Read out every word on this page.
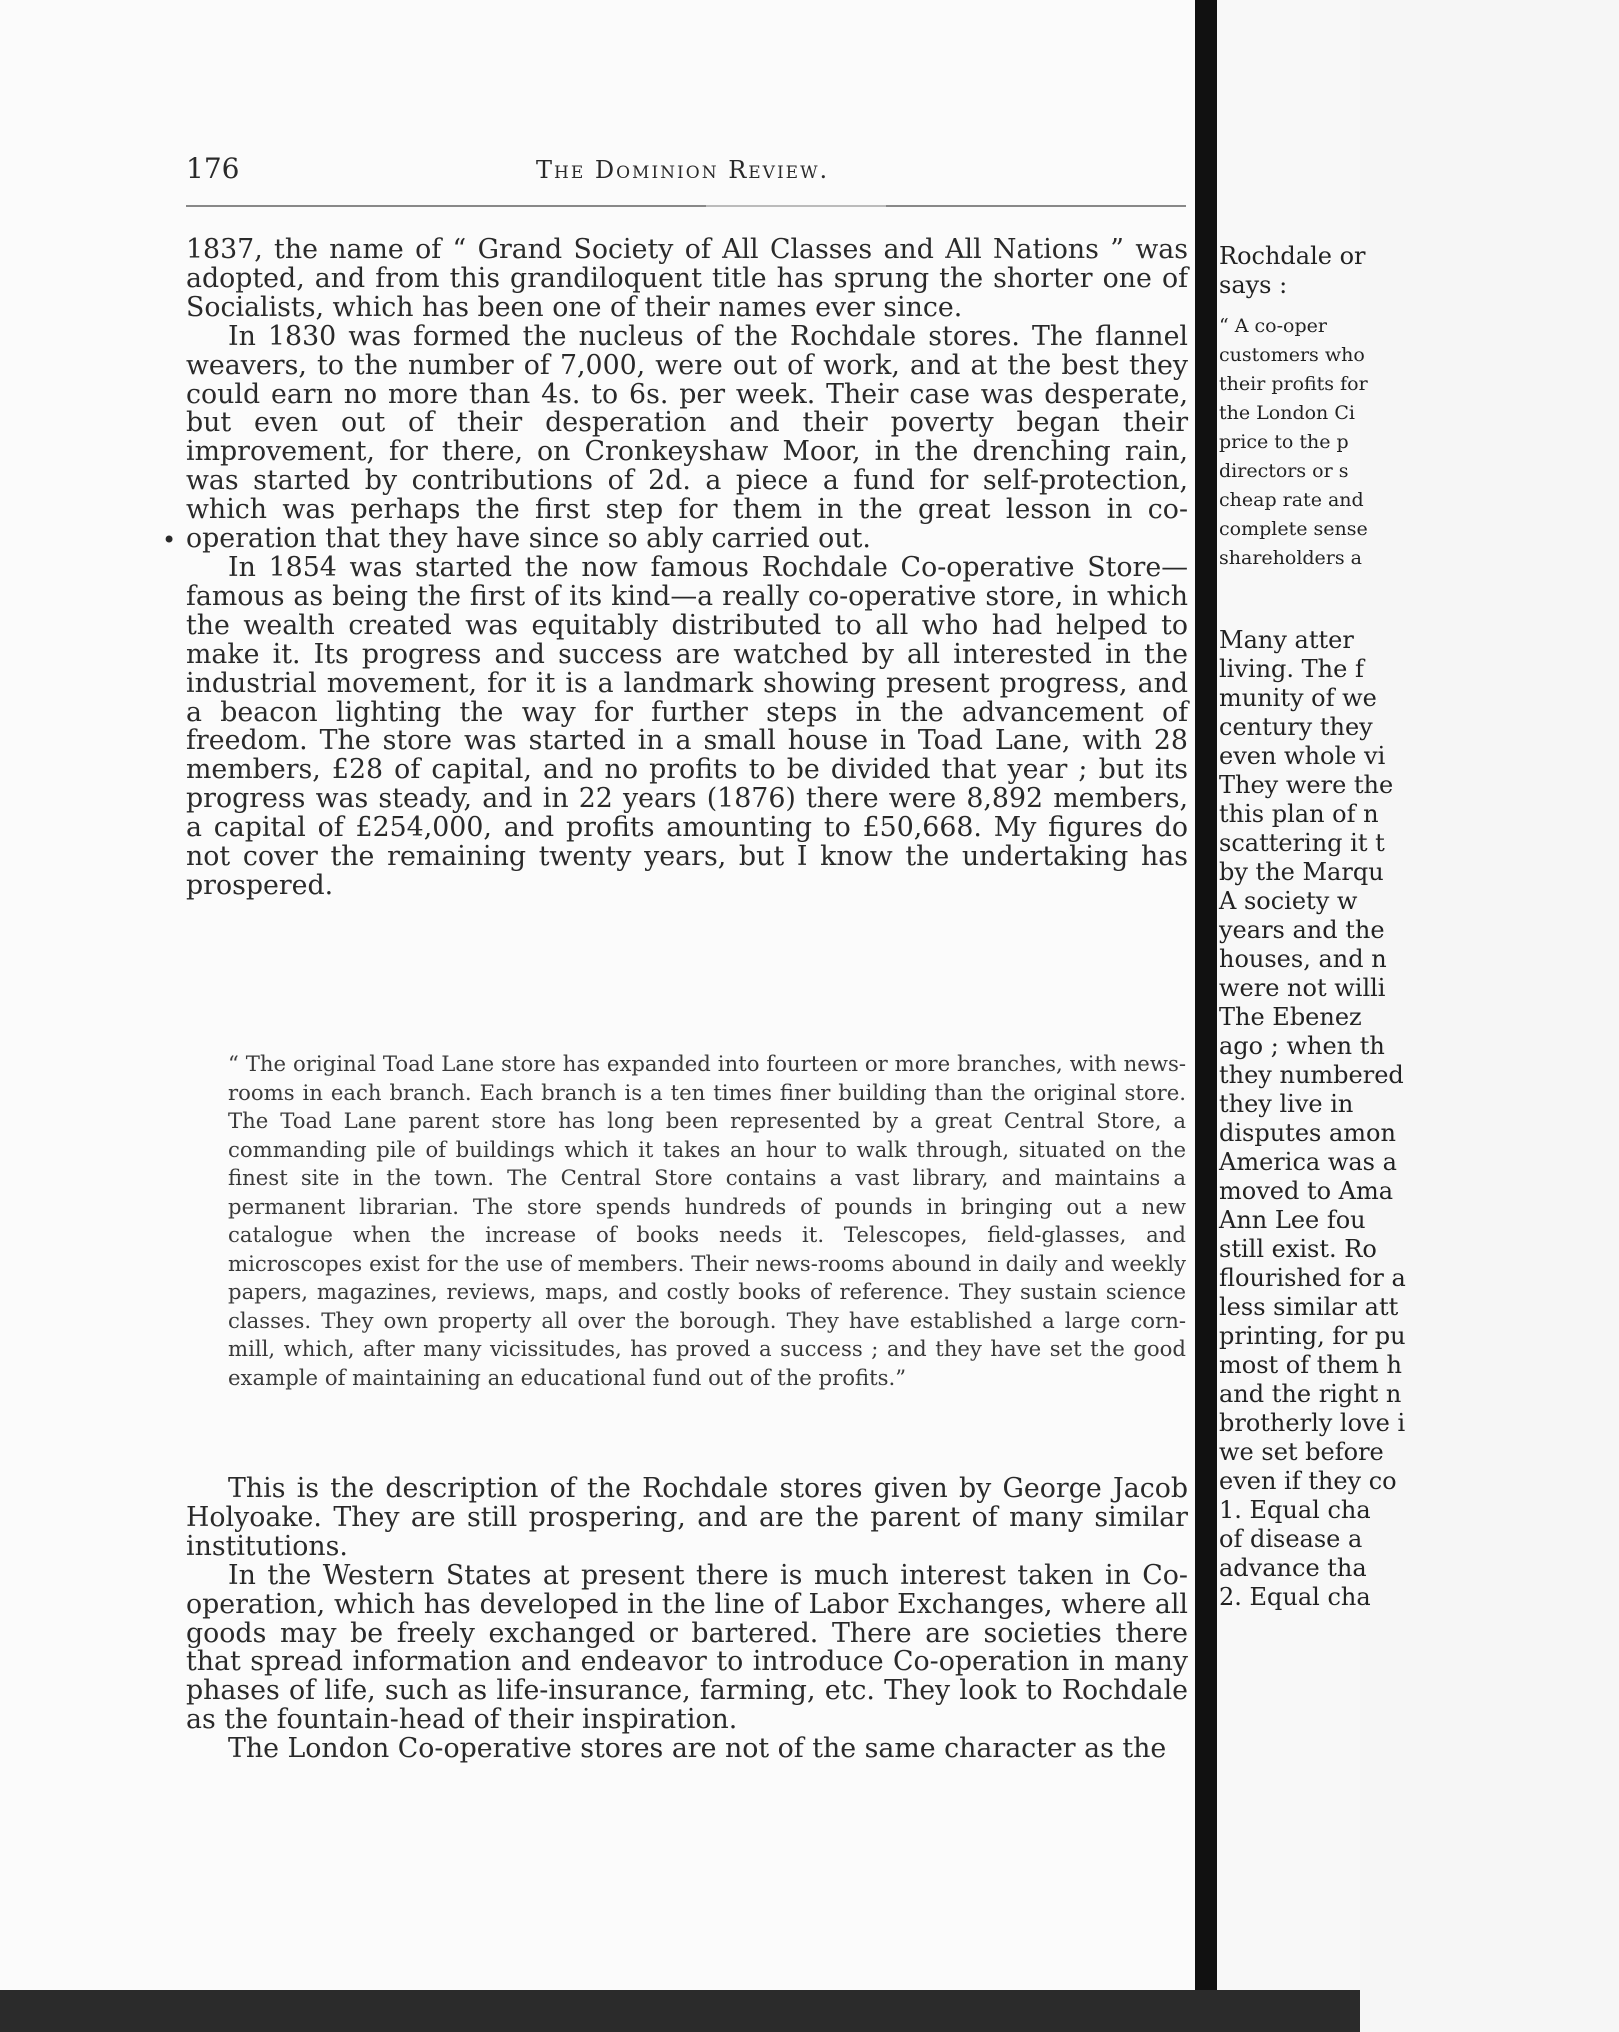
176	The Dominion Review.
•

1837, the name of “ Grand Society of All Classes and All Nations ” was adopted, and from this grandiloquent title has sprung the shorter one of Socialists, which has been one of their names ever since.

In 1830 was formed the nucleus of the Rochdale stores. The flannel weavers, to the number of 7,000, were out of work, and at the best they could earn no more than 4s. to 6s. per week. Their case was desperate, but even out of their desperation and their poverty began their improvement, for there, on Cronkeyshaw Moor, in the drenching rain, was started by contributions of 2d. a piece a fund for self-protection, which was perhaps the first step for them in the great lesson in co-operation that they have since so ably carried out.

In 1854 was started the now famous Rochdale Co-operative Store—famous as being the first of its kind—a really co-operative store, in which the wealth created was equitably distributed to all who had helped to make it. Its progress and success are watched by all interested in the industrial movement, for it is a landmark showing present progress, and a beacon lighting the way for further steps in the advancement of freedom. The store was started in a small house in Toad Lane, with 28 members, £28 of capital, and no profits to be divided that year ; but its progress was steady, and in 22 years (1876) there were 8,892 members, a capital of £254,000, and profits amounting to £50,668. My figures do not cover the remaining twenty years, but I know the undertaking has prospered.

“ The original Toad Lane store has expanded into fourteen or more branches, with news-rooms in each branch. Each branch is a ten times finer building than the original store. The Toad Lane parent store has long been represented by a great Central Store, a commanding pile of buildings which it takes an hour to walk through, situated on the finest site in the town. The Central Store contains a vast library, and maintains a permanent librarian. The store spends hundreds of pounds in bringing out a new catalogue when the increase of books needs it. Telescopes, field-glasses, and microscopes exist for the use of members. Their news-rooms abound in daily and weekly papers, magazines, reviews, maps, and costly books of reference. They sustain science classes. They own property all over the borough. They have established a large corn-mill, which, after many vicissitudes, has proved a success ; and they have set the good example of maintaining an educational fund out of the profits.”

This is the description of the Rochdale stores given by George Jacob Holyoake. They are still prospering, and are the parent of many similar institutions.

In the Western States at present there is much interest taken in Co-operation, which has developed in the line of Labor Exchanges, where all goods may be freely exchanged or bartered. There are societies there that spread information and endeavor to introduce Co-operation in many phases of life, such as life-insurance, farming, etc. They look to Rochdale as the fountain-head of their inspiration.

The London Co-operative stores are not of the same character as the

Rochdale or
says :
“ A co-oper
customers who
their profits for
the London Ci
price to the p
directors or s
cheap rate and
complete sense
shareholders a
Many atter
living. The f
munity of we
century they
even whole vi
They were the
this plan of n
scattering it t
by the Marqu
A society w
years and the
houses, and n
were not willi
The Ebenez
ago ; when th
they numbered
they live in
disputes amon
America was a
moved to Ama
Ann Lee fou
still exist. Ro
flourished for a
less similar att
printing, for pu
most of them h
and the right n
brotherly love i
we set before
even if they co
1. Equal cha
of disease a
advance tha
2. Equal cha
